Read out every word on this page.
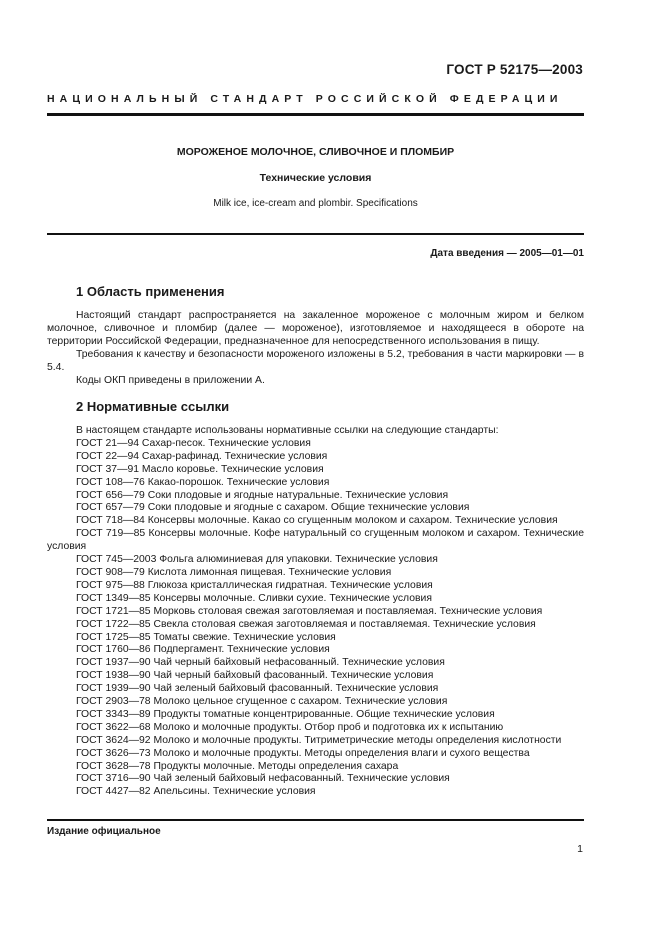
ГОСТ Р 52175—2003
НАЦИОНАЛЬНЫЙ СТАНДАРТ РОССИЙСКОЙ ФЕДЕРАЦИИ
МОРОЖЕНОЕ МОЛОЧНОЕ, СЛИВОЧНОЕ И ПЛОМБИР
Технические условия
Milk ice, ice-cream and plombir. Specifications
Дата введения — 2005—01—01
1 Область применения
Настоящий стандарт распространяется на закаленное мороженое с молочным жиром и белком молочное, сливочное и пломбир (далее — мороженое), изготовляемое и находящееся в обороте на территории Российской Федерации, предназначенное для непосредственного использования в пищу.
Требования к качеству и безопасности мороженого изложены в 5.2, требования в части маркировки — в 5.4.
Коды ОКП приведены в приложении А.
2 Нормативные ссылки
В настоящем стандарте использованы нормативные ссылки на следующие стандарты:
ГОСТ 21—94 Сахар-песок. Технические условия
ГОСТ 22—94 Сахар-рафинад. Технические условия
ГОСТ 37—91 Масло коровье. Технические условия
ГОСТ 108—76 Какао-порошок. Технические условия
ГОСТ 656—79 Соки плодовые и ягодные натуральные. Технические условия
ГОСТ 657—79 Соки плодовые и ягодные с сахаром. Общие технические условия
ГОСТ 718—84 Консервы молочные. Какао со сгущенным молоком и сахаром. Технические условия
ГОСТ 719—85 Консервы молочные. Кофе натуральный со сгущенным молоком и сахаром. Технические условия
ГОСТ 745—2003 Фольга алюминиевая для упаковки. Технические условия
ГОСТ 908—79 Кислота лимонная пищевая. Технические условия
ГОСТ 975—88 Глюкоза кристаллическая гидратная. Технические условия
ГОСТ 1349—85 Консервы молочные. Сливки сухие. Технические условия
ГОСТ 1721—85 Морковь столовая свежая заготовляемая и поставляемая. Технические условия
ГОСТ 1722—85 Свекла столовая свежая заготовляемая и поставляемая. Технические условия
ГОСТ 1725—85 Томаты свежие. Технические условия
ГОСТ 1760—86 Подпергамент. Технические условия
ГОСТ 1937—90 Чай черный байховый нефасованный. Технические условия
ГОСТ 1938—90 Чай черный байховый фасованный. Технические условия
ГОСТ 1939—90 Чай зеленый байховый фасованный. Технические условия
ГОСТ 2903—78 Молоко цельное сгущенное с сахаром. Технические условия
ГОСТ 3343—89 Продукты томатные концентрированные. Общие технические условия
ГОСТ 3622—68 Молоко и молочные продукты. Отбор проб и подготовка их к испытанию
ГОСТ 3624—92 Молоко и молочные продукты. Титриметрические методы определения кислотности
ГОСТ 3626—73 Молоко и молочные продукты. Методы определения влаги и сухого вещества
ГОСТ 3628—78 Продукты молочные. Методы определения сахара
ГОСТ 3716—90 Чай зеленый байховый нефасованный. Технические условия
ГОСТ 4427—82 Апельсины. Технические условия
Издание официальное
1
